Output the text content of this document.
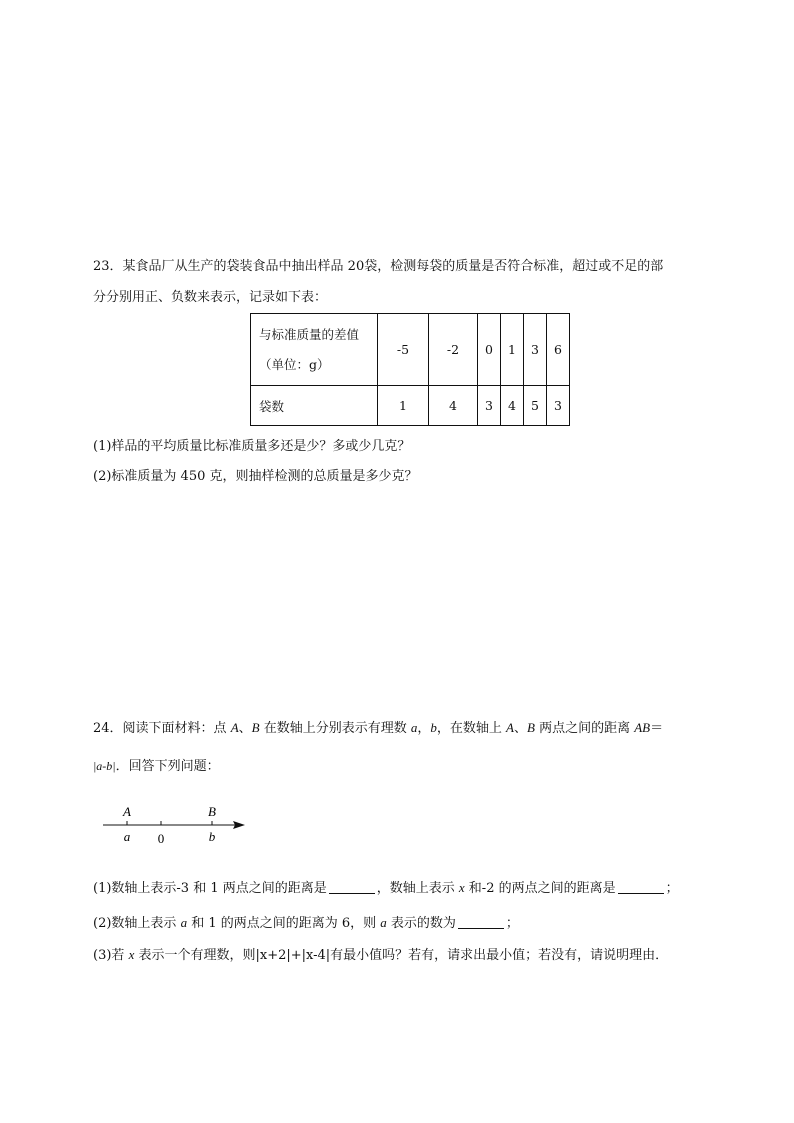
23．某食品厂从生产的袋装食品中抽出样品 20袋，检测每袋的质量是否符合标准，超过或不足的部
分分别用正、负数来表示，记录如下表：
与标准质量的差值
（单位：g）	-5	-2	0	1	3	6
袋数	1	4	3	4	5	3
(1)样品的平均质量比标准质量多还是少？多或少几克？
(2)标准质量为 450 克，则抽样检测的总质量是多少克？
24．阅读下面材料：点 A、B 在数轴上分别表示有理数 a，b，在数轴上 A、B 两点之间的距离 AB＝
|a-b|．回答下列问题：
A	B
a 0	b
(1)数轴上表示-3 和 1 两点之间的距离是	，数轴上表示 x 和-2 的两点之间的距离是	；
(2)数轴上表示 a 和 1 的两点之间的距离为 6，则 a 表示的数为	；
(3)若 x 表示一个有理数，则|x+2|+|x-4|有最小值吗？若有，请求出最小值；若没有，请说明理由．
